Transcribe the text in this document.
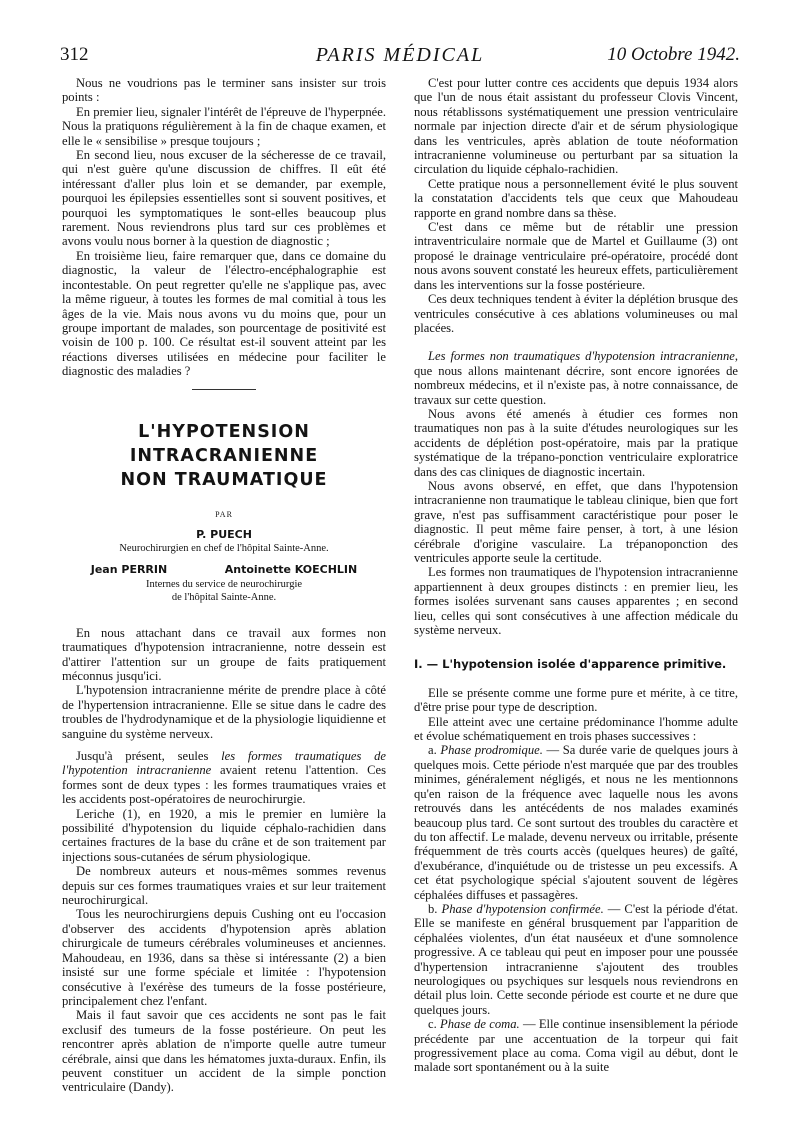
312	PARIS MÉDICAL	10 Octobre 1942.

Nous ne voudrions pas le terminer sans insister sur trois points :

En premier lieu, signaler l'intérêt de l'épreuve de l'hyperpnée. Nous la pratiquons régulièrement à la fin de chaque examen, et elle le « sensibilise » presque toujours ;

En second lieu, nous excuser de la sécheresse de ce travail, qui n'est guère qu'une discussion de chiffres. Il eût été intéressant d'aller plus loin et se demander, par exemple, pourquoi les épilepsies essentielles sont si souvent positives, et pourquoi les symptomatiques le sont-elles beaucoup plus rarement. Nous reviendrons plus tard sur ces problèmes et avons voulu nous borner à la question de diagnostic ;

En troisième lieu, faire remarquer que, dans ce domaine du diagnostic, la valeur de l'électro-encéphalographie est incontestable. On peut regretter qu'elle ne s'applique pas, avec la même rigueur, à toutes les formes de mal comitial à tous les âges de la vie. Mais nous avons vu du moins que, pour un groupe important de malades, son pourcentage de positivité est voisin de 100 p. 100. Ce résultat est-il souvent atteint par les réactions diverses utilisées en médecine pour faciliter le diagnostic des maladies ?

L'HYPOTENSION
INTRACRANIENNE
NON TRAUMATIQUE
PAR
P. PUECH
Neurochirurgien en chef de l'hôpital Sainte-Anne.
Jean PERRIN	Antoinette KOECHLIN
Internes du service de neurochirurgie
de l'hôpital Sainte-Anne.

En nous attachant dans ce travail aux formes non traumatiques d'hypotension intracranienne, notre dessein est d'attirer l'attention sur un groupe de faits pratiquement méconnus jusqu'ici.

L'hypotension intracranienne mérite de prendre place à côté de l'hypertension intracranienne. Elle se situe dans le cadre des troubles de l'hydrodynamique et de la physiologie liquidienne et sanguine du système nerveux.

Jusqu'à présent, seules les formes traumatiques de l'hypotention intracranienne avaient retenu l'attention. Ces formes sont de deux types : les formes traumatiques vraies et les accidents post-opératoires de neurochirurgie.

Leriche (1), en 1920, a mis le premier en lumière la possibilité d'hypotension du liquide céphalo-rachidien dans certaines fractures de la base du crâne et de son traitement par injections sous-cutanées de sérum physiologique.

De nombreux auteurs et nous-mêmes sommes revenus depuis sur ces formes traumatiques vraies et sur leur traitement neurochirurgical.

Tous les neurochirurgiens depuis Cushing ont eu l'occasion d'observer des accidents d'hypotension après ablation chirurgicale de tumeurs cérébrales volumineuses et anciennes. Mahoudeau, en 1936, dans sa thèse si intéressante (2) a bien insisté sur une forme spéciale et limitée : l'hypotension consécutive à l'exérèse des tumeurs de la fosse postérieure, principalement chez l'enfant.

Mais il faut savoir que ces accidents ne sont pas le fait exclusif des tumeurs de la fosse postérieure. On peut les rencontrer après ablation de n'importe quelle autre tumeur cérébrale, ainsi que dans les hématomes juxta-duraux. Enfin, ils peuvent constituer un accident de la simple ponction ventriculaire (Dandy).

C'est pour lutter contre ces accidents que depuis 1934 alors que l'un de nous était assistant du professeur Clovis Vincent, nous rétablissons systématiquement une pression ventriculaire normale par injection directe d'air et de sérum physiologique dans les ventricules, après ablation de toute néoformation intracranienne volumineuse ou perturbant par sa situation la circulation du liquide céphalo-rachidien.

Cette pratique nous a personnellement évité le plus souvent la constatation d'accidents tels que ceux que Mahoudeau rapporte en grand nombre dans sa thèse.

C'est dans ce même but de rétablir une pression intraventriculaire normale que de Martel et Guillaume (3) ont proposé le drainage ventriculaire pré-opératoire, procédé dont nous avons souvent constaté les heureux effets, particulièrement dans les interventions sur la fosse postérieure.

Ces deux techniques tendent à éviter la déplétion brusque des ventricules consécutive à ces ablations volumineuses ou mal placées.

Les formes non traumatiques d'hypotension intracranienne, que nous allons maintenant décrire, sont encore ignorées de nombreux médecins, et il n'existe pas, à notre connaissance, de travaux sur cette question.

Nous avons été amenés à étudier ces formes non traumatiques non pas à la suite d'études neurologiques sur les accidents de déplétion post-opératoire, mais par la pratique systématique de la trépano-ponction ventriculaire exploratrice dans des cas cliniques de diagnostic incertain.

Nous avons observé, en effet, que dans l'hypotension intracranienne non traumatique le tableau clinique, bien que fort grave, n'est pas suffisamment caractéristique pour poser le diagnostic. Il peut même faire penser, à tort, à une lésion cérébrale d'origine vasculaire. La trépanoponction des ventricules apporte seule la certitude.

Les formes non traumatiques de l'hypotension intracranienne appartiennent à deux groupes distincts : en premier lieu, les formes isolées survenant sans causes apparentes ; en second lieu, celles qui sont consécutives à une affection médicale du système nerveux.

I. — L'hypotension isolée d'apparence primitive.

Elle se présente comme une forme pure et mérite, à ce titre, d'être prise pour type de description.

Elle atteint avec une certaine prédominance l'homme adulte et évolue schématiquement en trois phases successives :

a. Phase prodromique. — Sa durée varie de quelques jours à quelques mois. Cette période n'est marquée que par des troubles minimes, généralement négligés, et nous ne les mentionnons qu'en raison de la fréquence avec laquelle nous les avons retrouvés dans les antécédents de nos malades examinés beaucoup plus tard. Ce sont surtout des troubles du caractère et du ton affectif. Le malade, devenu nerveux ou irritable, présente fréquemment de très courts accès (quelques heures) de gaîté, d'exubérance, d'inquiétude ou de tristesse un peu excessifs. A cet état psychologique spécial s'ajoutent souvent de légères céphalées diffuses et passagères.

b. Phase d'hypotension confirmée. — C'est la période d'état. Elle se manifeste en général brusquement par l'apparition de céphalées violentes, d'un état nauséeux et d'une somnolence progressive. A ce tableau qui peut en imposer pour une poussée d'hypertension intracranienne s'ajoutent des troubles neurologiques ou psychiques sur lesquels nous reviendrons en détail plus loin. Cette seconde période est courte et ne dure que quelques jours.

c. Phase de coma. — Elle continue insensiblement la période précédente par une accentuation de la torpeur qui fait progressivement place au coma. Coma vigil au début, dont le malade sort spontanément ou à la suite
